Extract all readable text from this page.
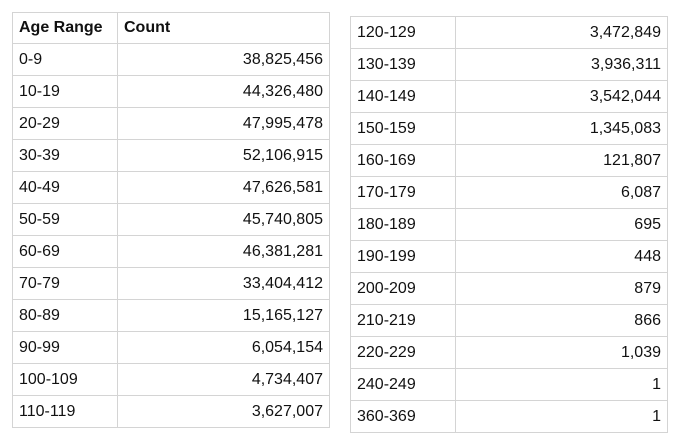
Age Range	Count
0-9	38,825,456
10-19	44,326,480
20-29	47,995,478
30-39	52,106,915
40-49	47,626,581
50-59	45,740,805
60-69	46,381,281
70-79	33,404,412
80-89	15,165,127
90-99	6,054,154
100-109	4,734,407
110-119	3,627,007
120-129	3,472,849
130-139	3,936,311
140-149	3,542,044
150-159	1,345,083
160-169	121,807
170-179	6,087
180-189	695
190-199	448
200-209	879
210-219	866
220-229	1,039
240-249	1
360-369	1
